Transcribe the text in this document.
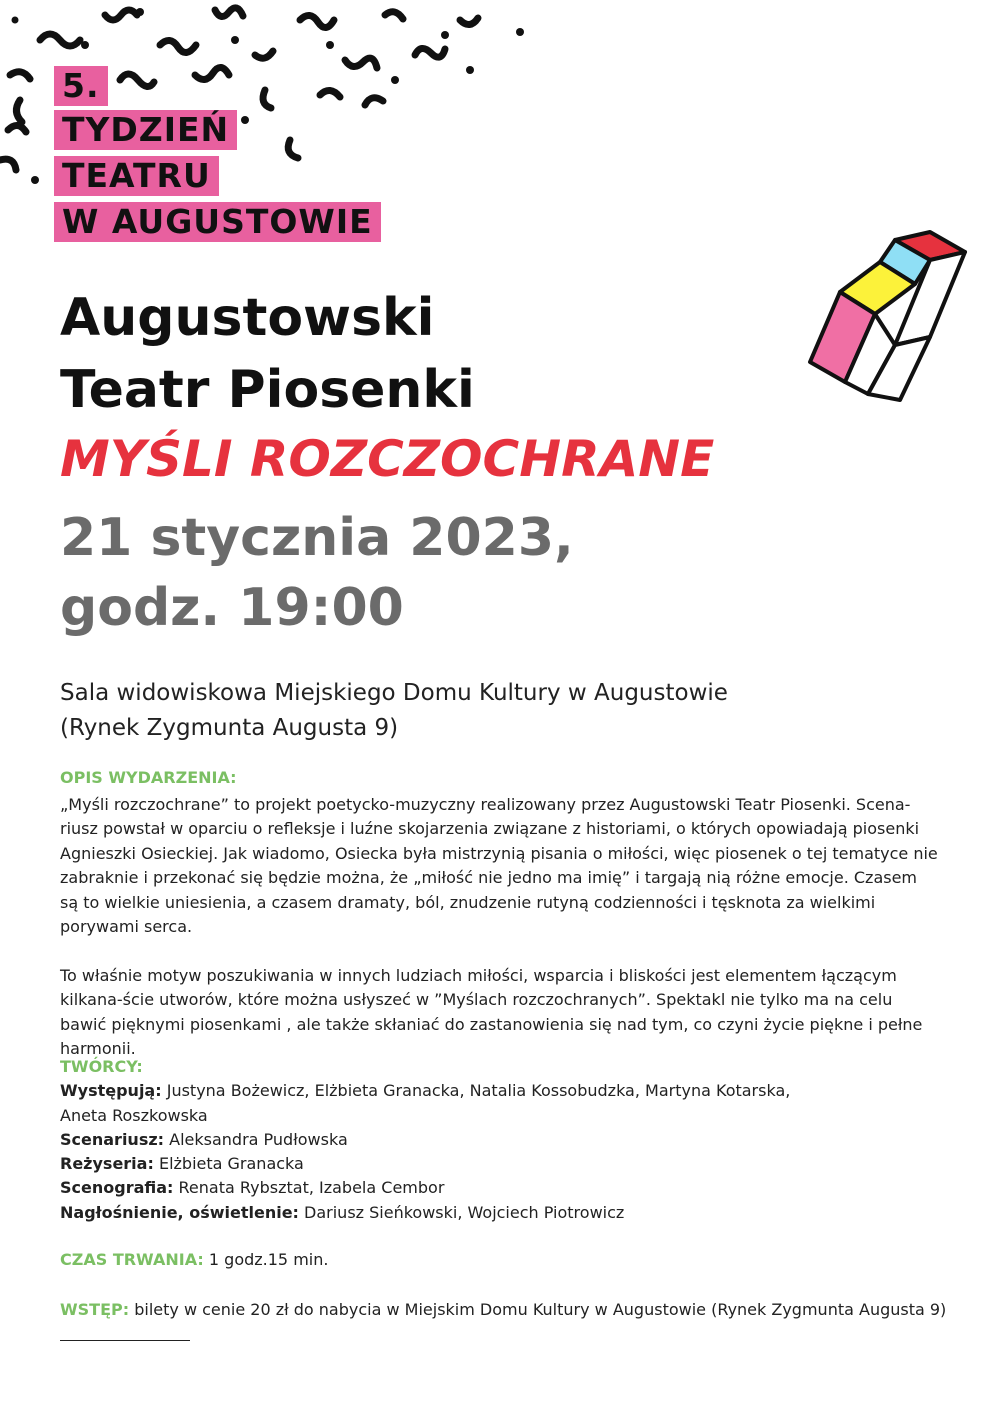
5.
TYDZIEŃ
TEATRU
W AUGUSTOWIE
Augustowski
Teatr Piosenki
MYŚLI ROZCZOCHRANE
21 stycznia 2023,
godz. 19:00
Sala widowiskowa Miejskiego Domu Kultury w Augustowie
(Rynek Zygmunta Augusta 9)
OPIS WYDARZENIA:
„Myśli rozczochrane” to projekt poetycko-muzyczny realizowany przez Augustowski Teatr Piosenki. Scena-riusz powstał w oparciu o refleksje i luźne skojarzenia związane z historiami, o których opowiadają piosenki Agnieszki Osieckiej. Jak wiadomo, Osiecka była mistrzynią pisania o miłości, więc piosenek o tej tematyce nie zabraknie i przekonać się będzie można, że „miłość nie jedno ma imię” i targają nią różne emocje. Czasem są to wielkie uniesienia, a czasem dramaty, ból, znudzenie rutyną codzienności i tęsknota za wielkimi porywami serca.
To właśnie motyw poszukiwania w innych ludziach miłości, wsparcia i bliskości jest elementem łączącym kilkana-ście utworów, które można usłyszeć w ”Myślach rozczochranych”. Spektakl nie tylko ma na celu bawić pięknymi piosenkami , ale także skłaniać do zastanowienia się nad tym, co czyni życie piękne i pełne harmonii.
TWÓRCY:
Występują: Justyna Bożewicz, Elżbieta Granacka, Natalia Kossobudzka, Martyna Kotarska,
Aneta Roszkowska
Scenariusz: Aleksandra Pudłowska
Reżyseria: Elżbieta Granacka
Scenografia: Renata Rybsztat, Izabela Cembor
Nagłośnienie, oświetlenie: Dariusz Sieńkowski, Wojciech Piotrowicz
CZAS TRWANIA: 1 godz.15 min.
WSTĘP: bilety w cenie 20 zł do nabycia w Miejskim Domu Kultury w Augustowie (Rynek Zygmunta Augusta 9)
